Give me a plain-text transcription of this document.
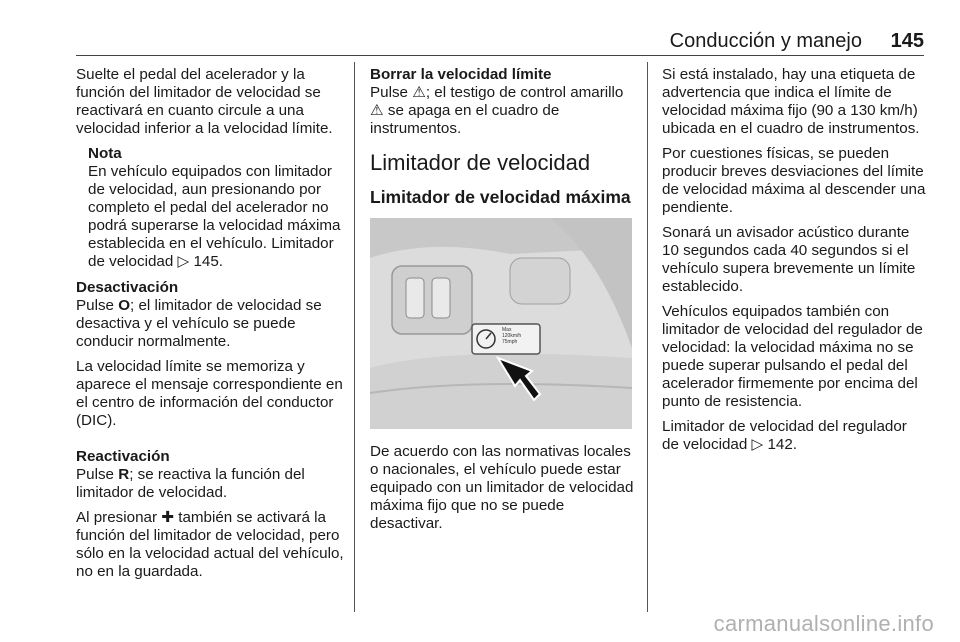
Conducción y manejo 145

Suelte el pedal del acelerador y la función del limitador de velocidad se reactivará en cuanto circule a una velocidad inferior a la velocidad límite.

Nota
En vehículo equipados con limitador de velocidad, aun presionando por completo el pedal del acelerador no podrá superarse la velocidad máxima establecida en el vehículo. Limitador de velocidad ▷ 145.

Desactivación

Pulse O; el limitador de velocidad se desactiva y el vehículo se puede conducir normalmente.

La velocidad límite se memoriza y aparece el mensaje correspondiente en el centro de información del conductor (DIC).

Reactivación

Pulse R; se reactiva la función del limitador de velocidad.

Al presionar ✚ también se activará la función del limitador de velocidad, pero sólo en la velocidad actual del vehículo, no en la guardada.

Borrar la velocidad límite

Pulse ⚠; el testigo de control amarillo ⚠ se apaga en el cuadro de instrumentos.

Limitador de velocidad
Limitador de velocidad máxima
Max
120km/h
75mph

De acuerdo con las normativas locales o nacionales, el vehículo puede estar equipado con un limitador de velocidad máxima fijo que no se puede desactivar.

Si está instalado, hay una etiqueta de advertencia que indica el límite de velocidad máxima fijo (90 a 130 km/h) ubicada en el cuadro de instrumentos.

Por cuestiones físicas, se pueden producir breves desviaciones del límite de velocidad máxima al descender una pendiente.

Sonará un avisador acústico durante 10 segundos cada 40 segundos si el vehículo supera brevemente un límite establecido.

Vehículos equipados también con limitador de velocidad del regulador de velocidad: la velocidad máxima no se puede superar pulsando el pedal del acelerador firmemente por encima del punto de resistencia.

Limitador de velocidad del regulador de velocidad ▷ 142.

carmanualsonline.info
